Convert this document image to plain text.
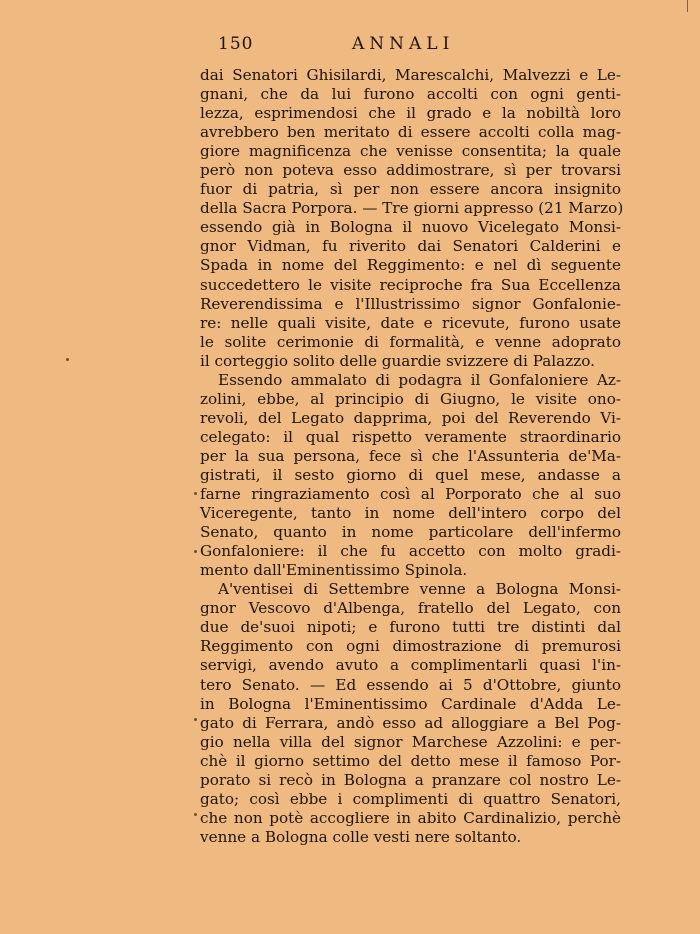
150	ANNALI
dai Senatori Ghisilardi, Marescalchi, Malvezzi e Le-
gnani, che da lui furono accolti con ogni genti-
lezza, esprimendosi che il grado e la nobiltà loro
avrebbero ben meritato di essere accolti colla mag-
giore magnificenza che venisse consentita; la quale
però non poteva esso addimostrare, sì per trovarsi
fuor di patria, sì per non essere ancora insignito
della Sacra Porpora. — Tre giorni appresso (21 Marzo)
essendo già in Bologna il nuovo Vicelegato Monsi-
gnor Vidman, fu riverito dai Senatori Calderini e
Spada in nome del Reggimento: e nel dì seguente
succedettero le visite reciproche fra Sua Eccellenza
Reverendissima e l'Illustrissimo signor Gonfalonie-
re: nelle quali visite, date e ricevute, furono usate
le solite cerimonie di formalità, e venne adoprato
il corteggio solito delle guardie svizzere di Palazzo.
Essendo ammalato di podagra il Gonfaloniere Az-
zolini, ebbe, al principio di Giugno, le visite ono-
revoli, del Legato dapprima, poi del Reverendo Vi-
celegato: il qual rispetto veramente straordinario
per la sua persona, fece sì che l'Assunteria de'Ma-
gistrati, il sesto giorno di quel mese, andasse a
farne ringraziamento così al Porporato che al suo
Viceregente, tanto in nome dell'intero corpo del
Senato, quanto in nome particolare dell'infermo
Gonfaloniere: il che fu accetto con molto gradi-
mento dall'Eminentissimo Spinola.
A'ventisei di Settembre venne a Bologna Monsi-
gnor Vescovo d'Albenga, fratello del Legato, con
due de'suoi nipoti; e furono tutti tre distinti dal
Reggimento con ogni dimostrazione di premurosi
servigi, avendo avuto a complimentarli quasi l'in-
tero Senato. — Ed essendo ai 5 d'Ottobre, giunto
in Bologna l'Eminentissimo Cardinale d'Adda Le-
gato di Ferrara, andò esso ad alloggiare a Bel Pog-
gio nella villa del signor Marchese Azzolini: e per-
chè il giorno settimo del detto mese il famoso Por-
porato si recò in Bologna a pranzare col nostro Le-
gato; così ebbe i complimenti di quattro Senatori,
che non potè accogliere in abito Cardinalizio, perchè
venne a Bologna colle vesti nere soltanto.
